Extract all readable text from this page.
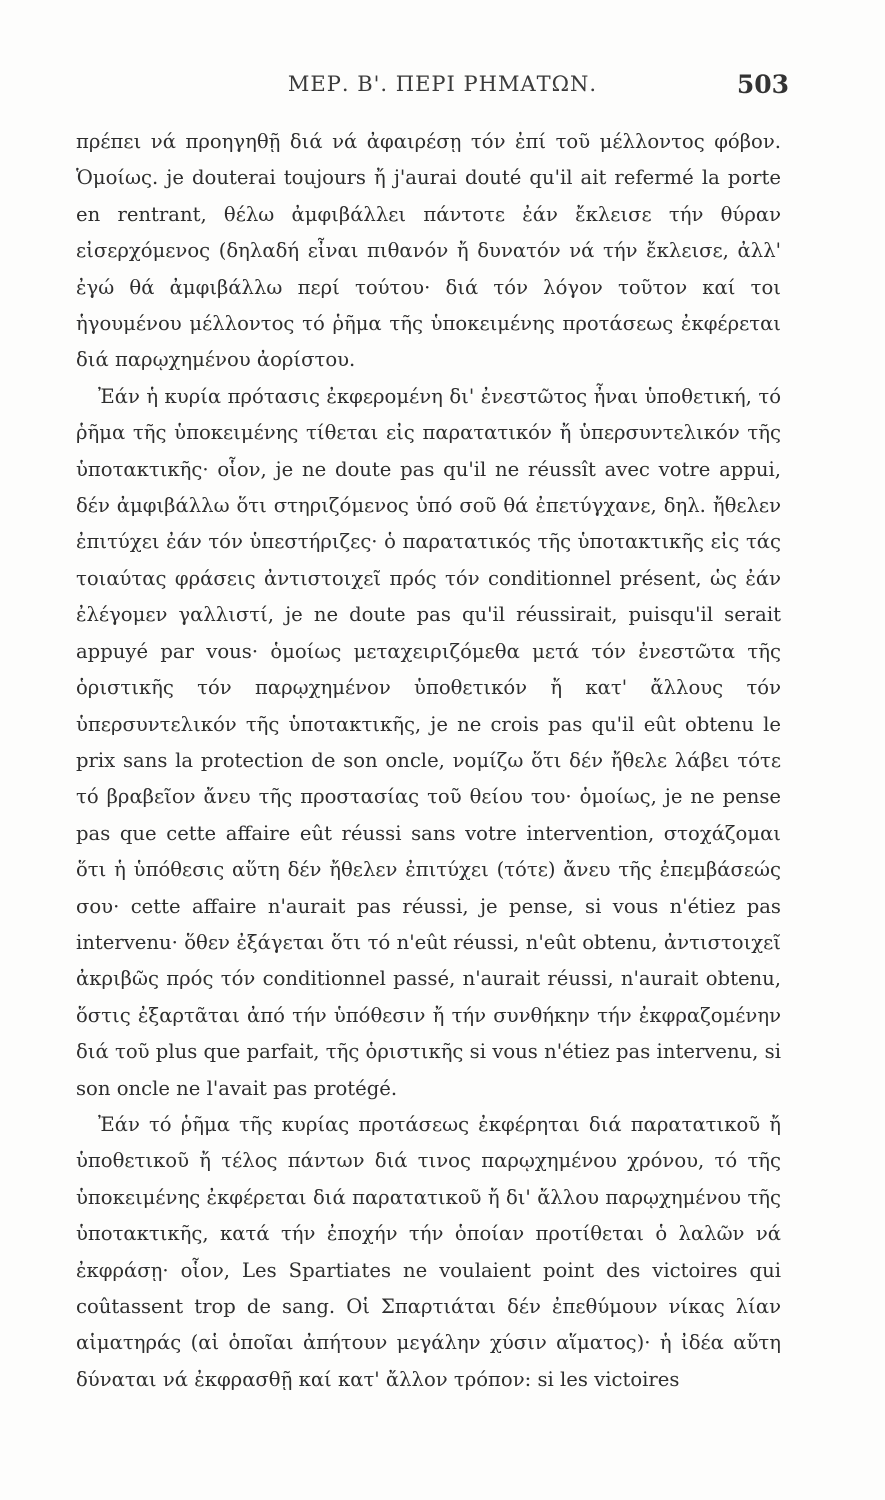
ΜΕΡ. Β'. ΠΕΡΙ ΡΗΜΑΤΩΝ.	503

πρέπει νά προηγηθῇ διά νά ἀφαιρέσῃ τόν ἐπί τοῦ μέλλοντος φόβον. Ὁμοίως. je douterai toujours ἤ j'aurai douté qu'il ait refermé la porte en rentrant, θέλω ἀμφιβάλλει πάντοτε ἐάν ἔκλεισε τήν θύραν εἰσερχόμενος (δηλαδή εἶναι πιθανόν ἤ δυνατόν νά τήν ἔκλεισε, ἀλλ' ἐγώ θά ἀμφιβάλλω περί τούτου· διά τόν λόγον τοῦτον καί τοι ἡγουμένου μέλλοντος τό ῥῆμα τῆς ὑποκειμένης προτάσεως ἐκφέρεται διά παρῳχημένου ἀορίστου.

Ἐάν ἡ κυρία πρότασις ἐκφερομένη δι' ἐνεστῶτος ἦναι ὑποθετική, τό ῥῆμα τῆς ὑποκειμένης τίθεται εἰς παρατατικόν ἤ ὑπερσυντελικόν τῆς ὑποτακτικῆς· οἷον, je ne doute pas qu'il ne réussît avec votre appui, δέν ἀμφιβάλλω ὅτι στηριζόμενος ὑπό σοῦ θά ἐπετύγχανε, δηλ. ἤθελεν ἐπιτύχει ἐάν τόν ὑπεστήριζες· ὁ παρατατικός τῆς ὑποτακτικῆς εἰς τάς τοιαύτας φράσεις ἀντιστοιχεῖ πρός τόν conditionnel présent, ὡς ἐάν ἐλέγομεν γαλλιστί, je ne doute pas qu'il réussirait, puisqu'il serait appuyé par vous· ὁμοίως μεταχειριζόμεθα μετά τόν ἐνεστῶτα τῆς ὁριστικῆς τόν παρῳχημένον ὑποθετικόν ἤ κατ' ἄλλους τόν ὑπερσυντελικόν τῆς ὑποτακτικῆς, je ne crois pas qu'il eût obtenu le prix sans la protection de son oncle, νομίζω ὅτι δέν ἤθελε λάβει τότε τό βραβεῖον ἄνευ τῆς προστασίας τοῦ θείου του· ὁμοίως, je ne pense pas que cette affaire eût réussi sans votre intervention, στοχάζομαι ὅτι ἡ ὑπόθεσις αὕτη δέν ἤθελεν ἐπιτύχει (τότε) ἄνευ τῆς ἐπεμβάσεώς σου· cette affaire n'aurait pas réussi, je pense, si vous n'étiez pas intervenu· ὅθεν ἐξάγεται ὅτι τό n'eût réussi, n'eût obtenu, ἀντιστοιχεῖ ἀκριβῶς πρός τόν conditionnel passé, n'aurait réussi, n'aurait obtenu, ὅστις ἐξαρτᾶται ἀπό τήν ὑπόθεσιν ἤ τήν συνθήκην τήν ἐκφραζομένην διά τοῦ plus que parfait, τῆς ὁριστικῆς si vous n'étiez pas intervenu, si son oncle ne l'avait pas protégé.

Ἐάν τό ῥῆμα τῆς κυρίας προτάσεως ἐκφέρηται διά παρατατικοῦ ἤ ὑποθετικοῦ ἤ τέλος πάντων διά τινος παρῳχημένου χρόνου, τό τῆς ὑποκειμένης ἐκφέρεται διά παρατατικοῦ ἤ δι' ἄλλου παρῳχημένου τῆς ὑποτακτικῆς, κατά τήν ἐποχήν τήν ὁποίαν προτίθεται ὁ λαλῶν νά ἐκφράσῃ· οἷον, Les Spartiates ne voulaient point des victoires qui coûtassent trop de sang. Οἱ Σπαρτιάται δέν ἐπεθύμουν νίκας λίαν αἱματηράς (αἱ ὁποῖαι ἀπήτουν μεγάλην χύσιν αἵματος)· ἡ ἰδέα αὕτη δύναται νά ἐκφρασθῇ καί κατ' ἄλλον τρόπον: si les victoires
